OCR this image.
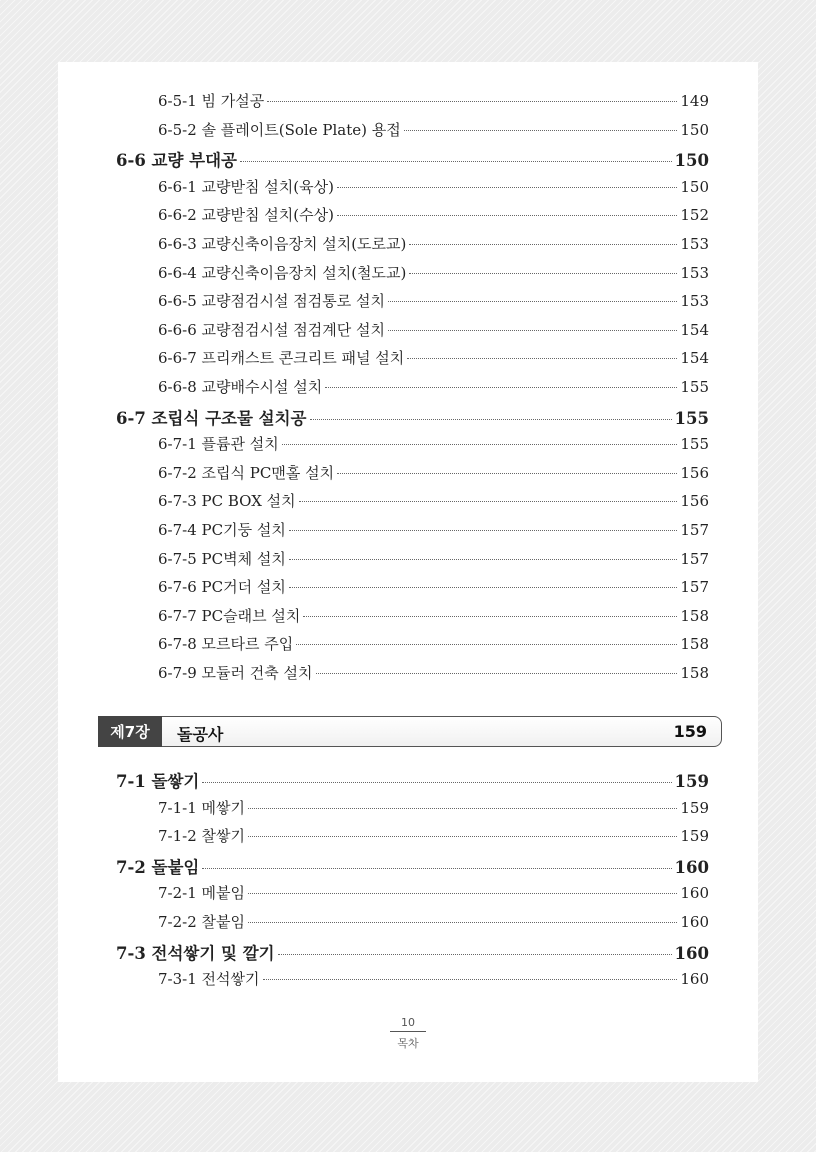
6-5-1 빔 가설공	149
6-5-2 솔 플레이트(Sole Plate) 용접	150
6-6 교량 부대공	150
6-6-1 교량받침 설치(육상)	150
6-6-2 교량받침 설치(수상)	152
6-6-3 교량신축이음장치 설치(도로교)	153
6-6-4 교량신축이음장치 설치(철도교)	153
6-6-5 교량점검시설 점검통로 설치	153
6-6-6 교량점검시설 점검계단 설치	154
6-6-7 프리캐스트 콘크리트 패널 설치	154
6-6-8 교량배수시설 설치	155
6-7 조립식 구조물 설치공	155
6-7-1 플륨관 설치	155
6-7-2 조립식 PC맨홀 설치	156
6-7-3 PC BOX 설치	156
6-7-4 PC기둥 설치	157
6-7-5 PC벽체 설치	157
6-7-6 PC거더 설치	157
6-7-7 PC슬래브 설치	158
6-7-8 모르타르 주입	158
6-7-9 모듈러 건축 설치	158
제7장	돌공사	159
7-1 돌쌓기	159
7-1-1 메쌓기	159
7-1-2 찰쌓기	159
7-2 돌붙임	160
7-2-1 메붙임	160
7-2-2 찰붙임	160
7-3 전석쌓기 및 깔기	160
7-3-1 전석쌓기	160
10
목차
